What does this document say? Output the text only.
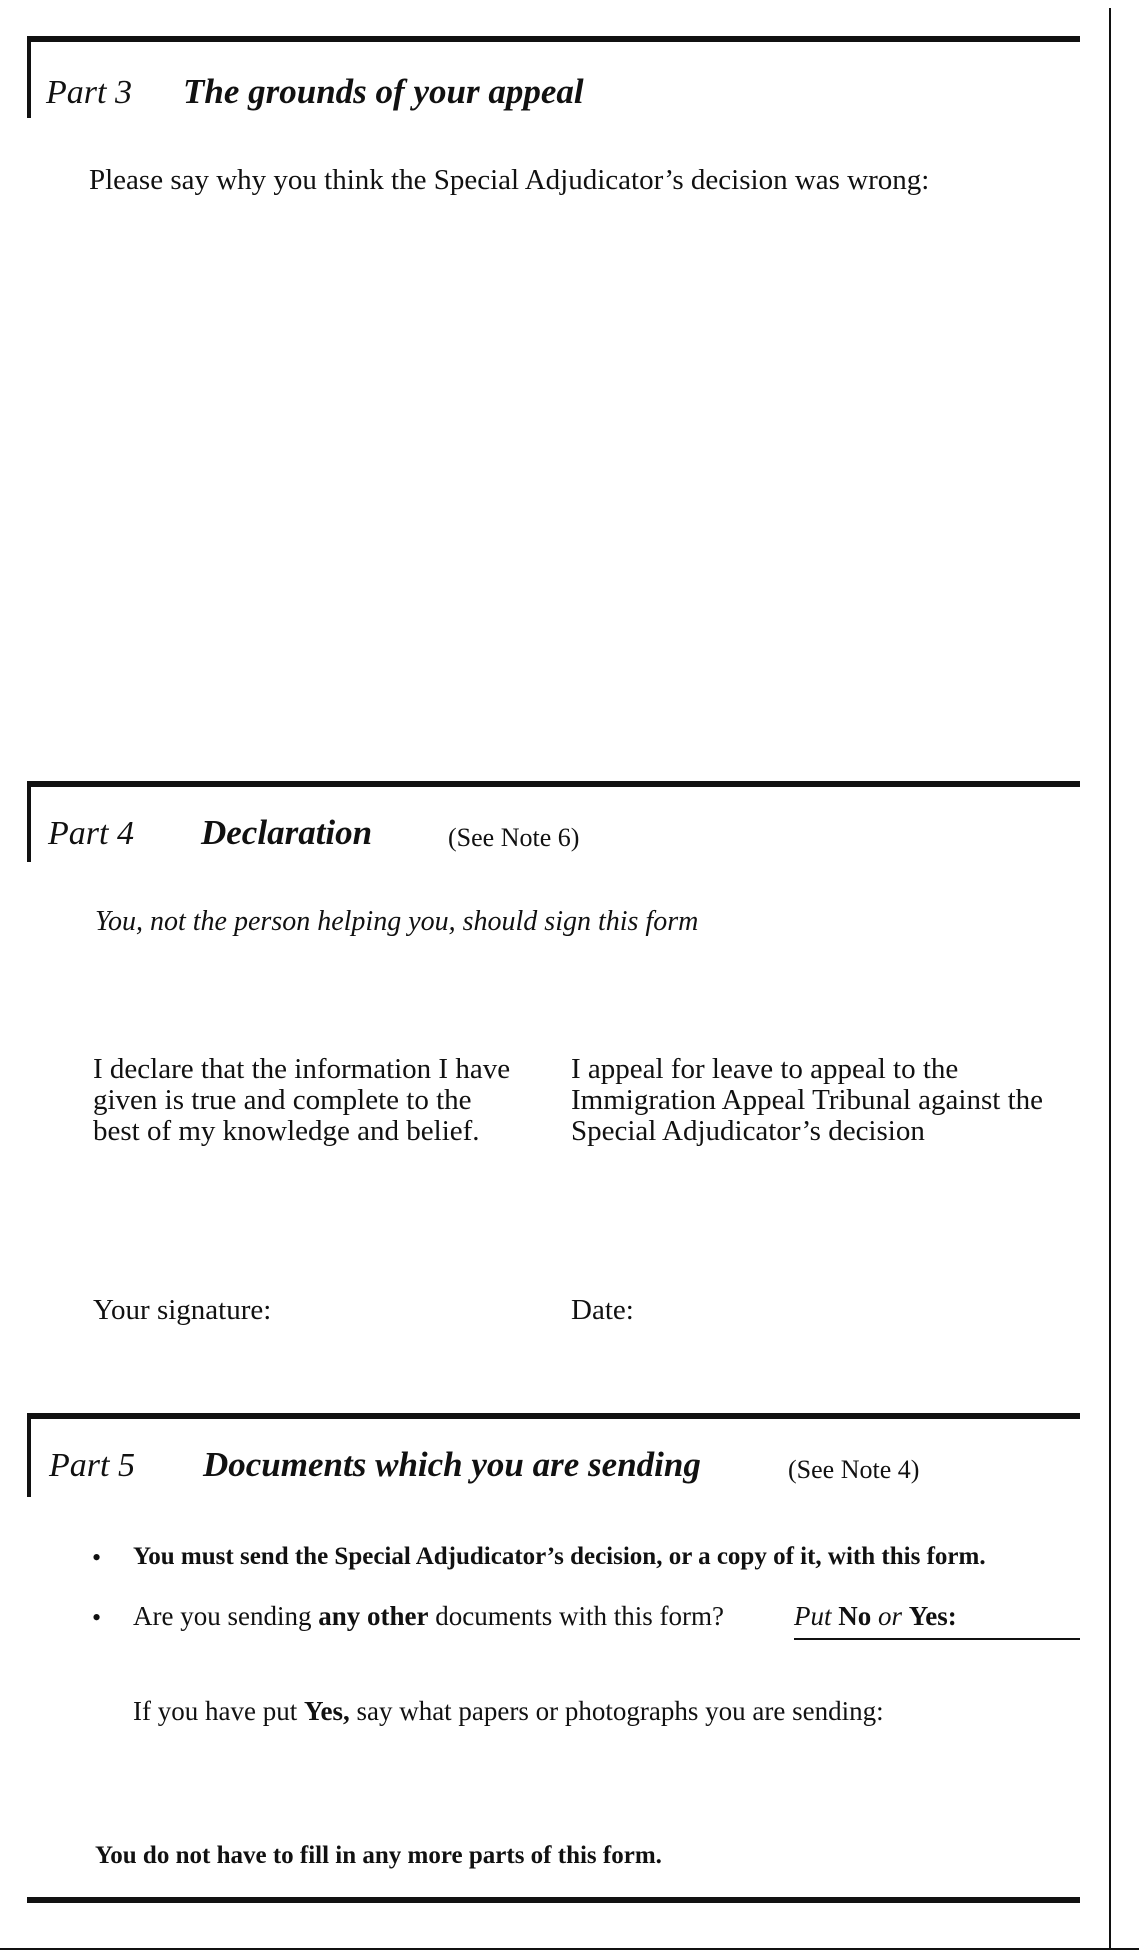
Part 3 The grounds of your appeal
Please say why you think the Special Adjudicator’s decision was wrong:
Part 4 Declaration	(See Note 6)
You, not the person helping you, should sign this form
I declare that the information I have given is true and complete to the best of my knowledge and belief.
I appeal for leave to appeal to the Immigration Appeal Tribunal against the Special Adjudicator’s decision
Your signature:	Date:
Part 5 Documents which you are sending	(See Note 4)
• You must send the Special Adjudicator’s decision, or a copy of it, with this form.
• Are you sending any other documents with this form?	Put No or Yes:
If you have put Yes, say what papers or photographs you are sending:
You do not have to fill in any more parts of this form.
